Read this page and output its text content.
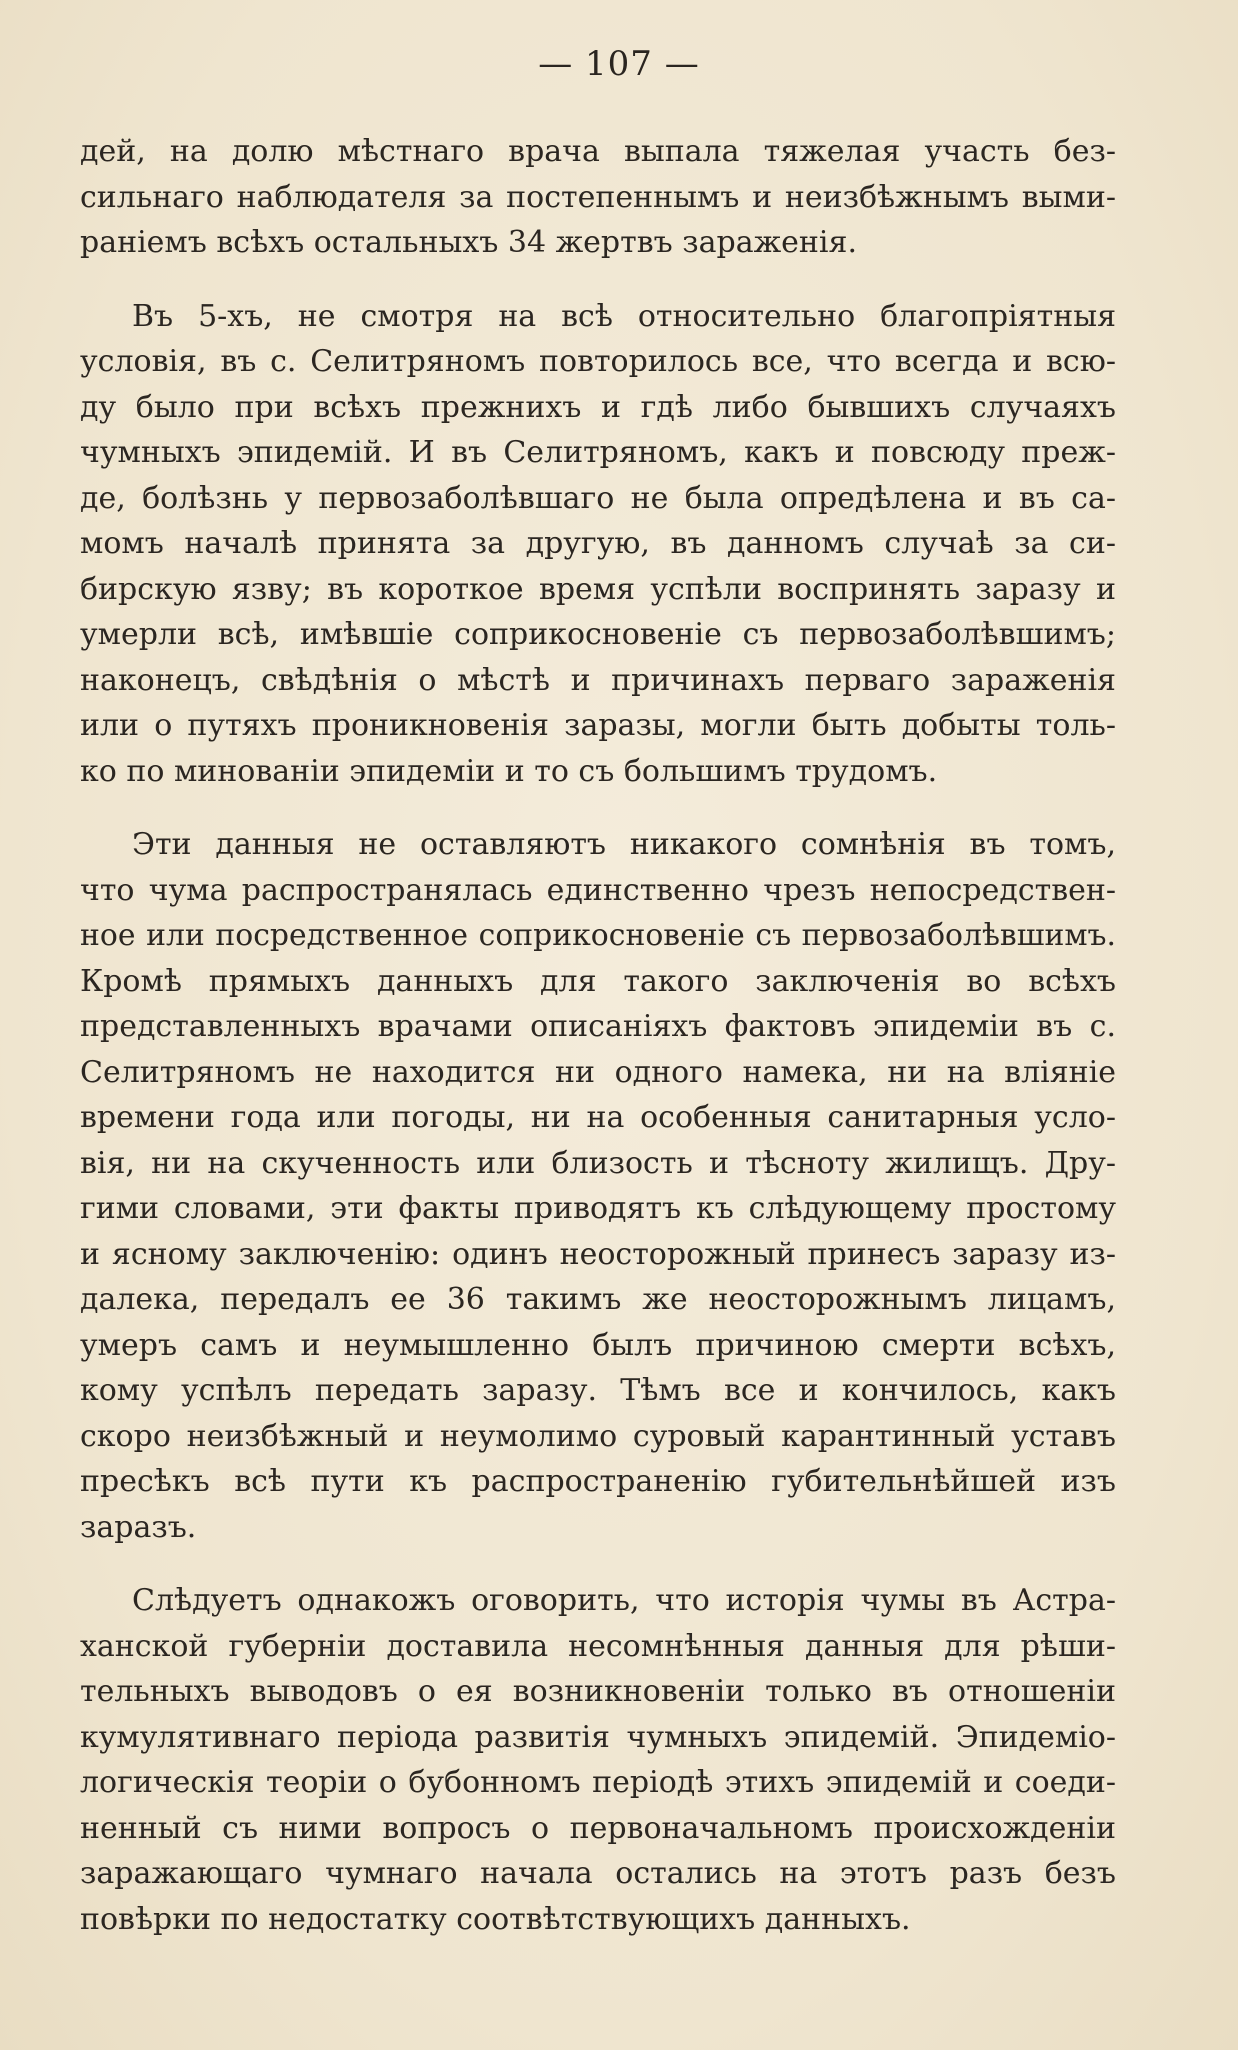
— 107 —
дей, на долю мѣстнаго врача выпала тяжелая участь без-
сильнаго наблюдателя за постепеннымъ и неизбѣжнымъ выми-
раніемъ всѣхъ остальныхъ 34 жертвъ зараженія.
Въ 5-хъ, не смотря на всѣ относительно благопріятныя
условія, въ с. Селитряномъ повторилось все, что всегда и всю-
ду было при всѣхъ прежнихъ и гдѣ либо бывшихъ случаяхъ
чумныхъ эпидемій. И въ Селитряномъ, какъ и повсюду преж-
де, болѣзнь у первозаболѣвшаго не была опредѣлена и въ са-
момъ началѣ принята за другую, въ данномъ случаѣ за си-
бирскую язву; въ короткое время успѣли воспринять заразу и
умерли всѣ, имѣвшіе соприкосновеніе съ первозаболѣвшимъ;
наконецъ, свѣдѣнія о мѣстѣ и причинахъ перваго зараженія
или о путяхъ проникновенія заразы, могли быть добыты толь-
ко по минованіи эпидеміи и то съ большимъ трудомъ.
Эти данныя не оставляютъ никакого сомнѣнія въ томъ,
что чума распространялась единственно чрезъ непосредствен-
ное или посредственное соприкосновеніе съ первозаболѣвшимъ.
Кромѣ прямыхъ данныхъ для такого заключенія во всѣхъ
представленныхъ врачами описаніяхъ фактовъ эпидеміи въ с.
Селитряномъ не находится ни одного намека, ни на вліяніе
времени года или погоды, ни на особенныя санитарныя усло-
вія, ни на скученность или близость и тѣсноту жилищъ. Дру-
гими словами, эти факты приводятъ къ слѣдующему простому
и ясному заключенію: одинъ неосторожный принесъ заразу из-
далека, передалъ ее 36 такимъ же неосторожнымъ лицамъ,
умеръ самъ и неумышленно былъ причиною смерти всѣхъ,
кому успѣлъ передать заразу. Тѣмъ все и кончилось, какъ
скоро неизбѣжный и неумолимо суровый карантинный уставъ
пресѣкъ всѣ пути къ распространенію губительнѣйшей изъ
заразъ.
Слѣдуетъ однакожъ оговорить, что исторія чумы въ Астра-
ханской губерніи доставила несомнѣнныя данныя для рѣши-
тельныхъ выводовъ о ея возникновеніи только въ отношеніи
кумулятивнаго періода развитія чумныхъ эпидемій. Эпидеміо-
логическія теоріи о бубонномъ періодѣ этихъ эпидемій и соеди-
ненный съ ними вопросъ о первоначальномъ происхожденіи
заражающаго чумнаго начала остались на этотъ разъ безъ
повѣрки по недостатку соотвѣтствующихъ данныхъ.
